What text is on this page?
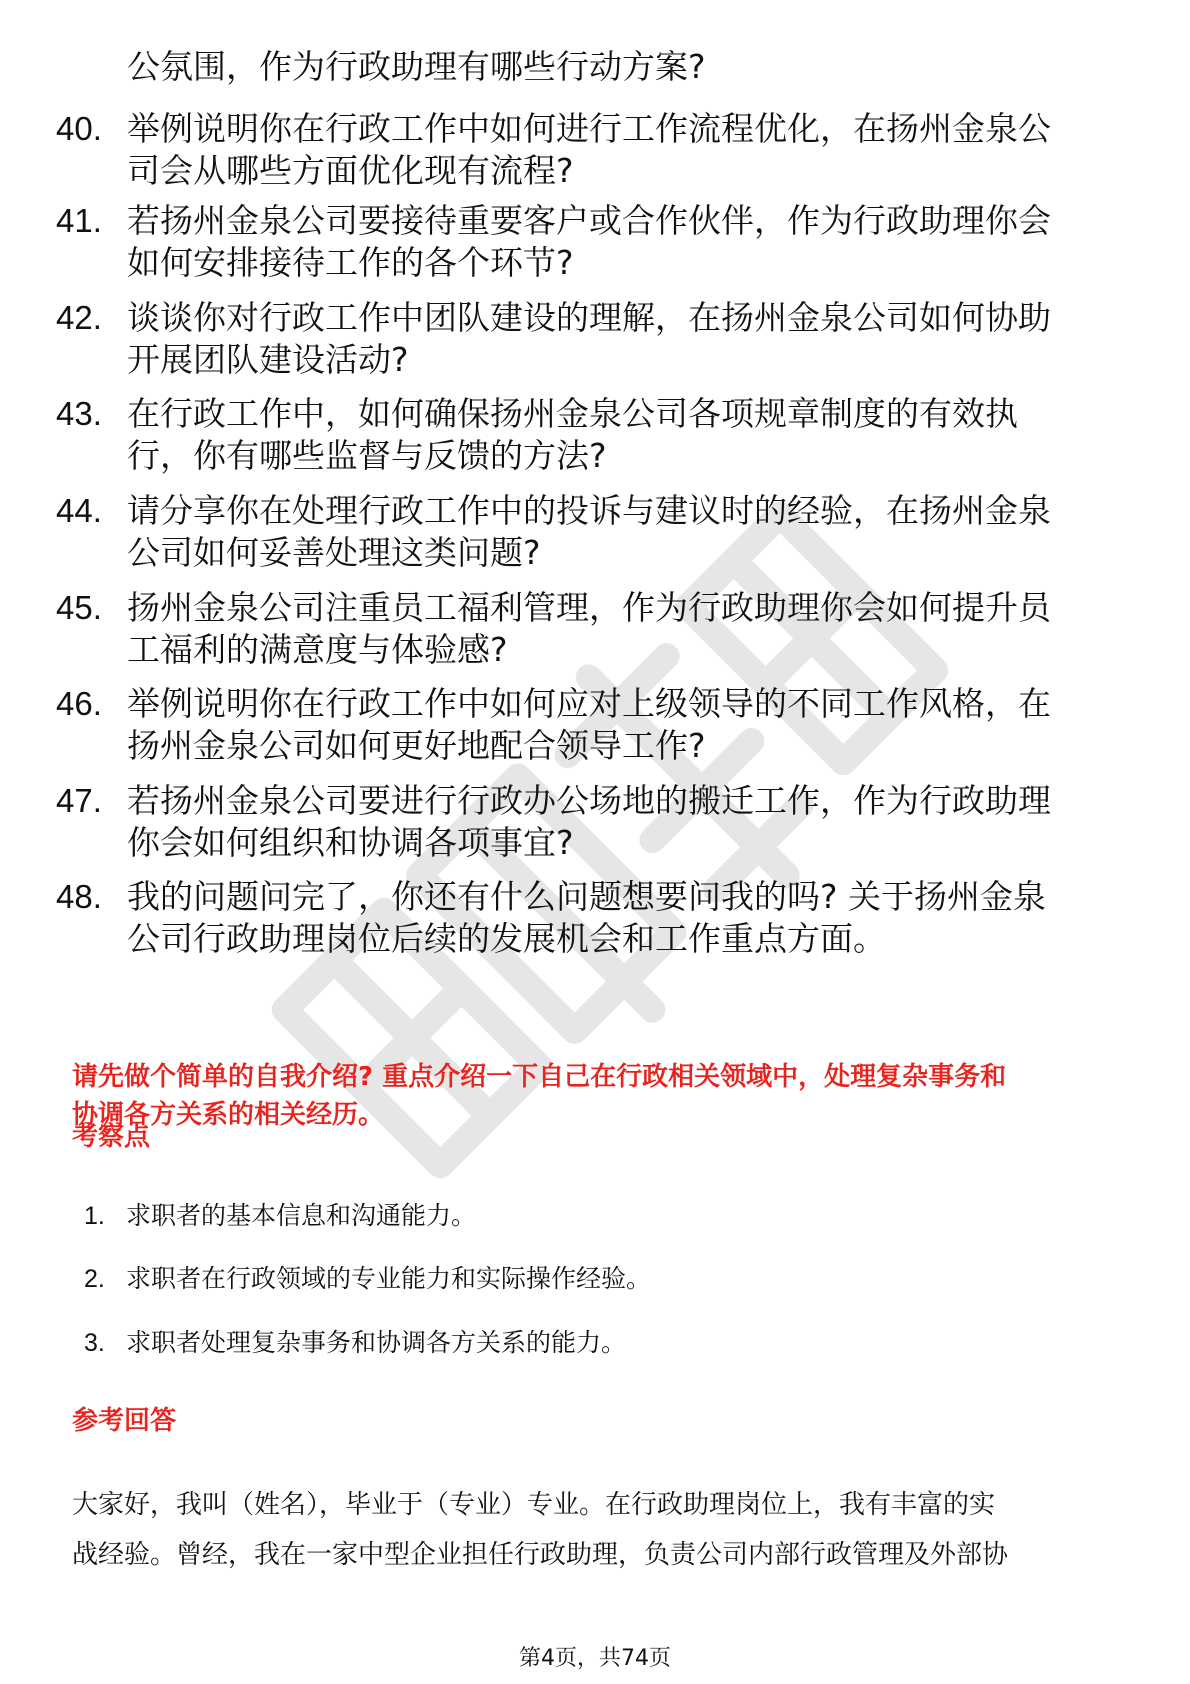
公氛围，作为行政助理有哪些行动方案?
40. 举例说明你在行政工作中如何进行工作流程优化，在扬州金泉公
司会从哪些方面优化现有流程?
41. 若扬州金泉公司要接待重要客户或合作伙伴，作为行政助理你会
如何安排接待工作的各个环节?
42. 谈谈你对行政工作中团队建设的理解，在扬州金泉公司如何协助
开展团队建设活动?
43. 在行政工作中，如何确保扬州金泉公司各项规章制度的有效执
行，你有哪些监督与反馈的方法?
44. 请分享你在处理行政工作中的投诉与建议时的经验，在扬州金泉
公司如何妥善处理这类问题?
45. 扬州金泉公司注重员工福利管理，作为行政助理你会如何提升员
工福利的满意度与体验感?
46. 举例说明你在行政工作中如何应对上级领导的不同工作风格，在
扬州金泉公司如何更好地配合领导工作?
47. 若扬州金泉公司要进行行政办公场地的搬迁工作，作为行政助理
你会如何组织和协调各项事宜?
48. 我的问题问完了，你还有什么问题想要问我的吗? 关于扬州金泉
公司行政助理岗位后续的发展机会和工作重点方面。
请先做个简单的自我介绍? 重点介绍一下自己在行政相关领域中，处理复杂事务和
协调各方关系的相关经历。
考察点
1. 求职者的基本信息和沟通能力。
2. 求职者在行政领域的专业能力和实际操作经验。
3. 求职者处理复杂事务和协调各方关系的能力。
参考回答
大家好，我叫（姓名），毕业于（专业）专业。在行政助理岗位上，我有丰富的实
战经验。曾经，我在一家中型企业担任行政助理，负责公司内部行政管理及外部协
第4页，共74页
